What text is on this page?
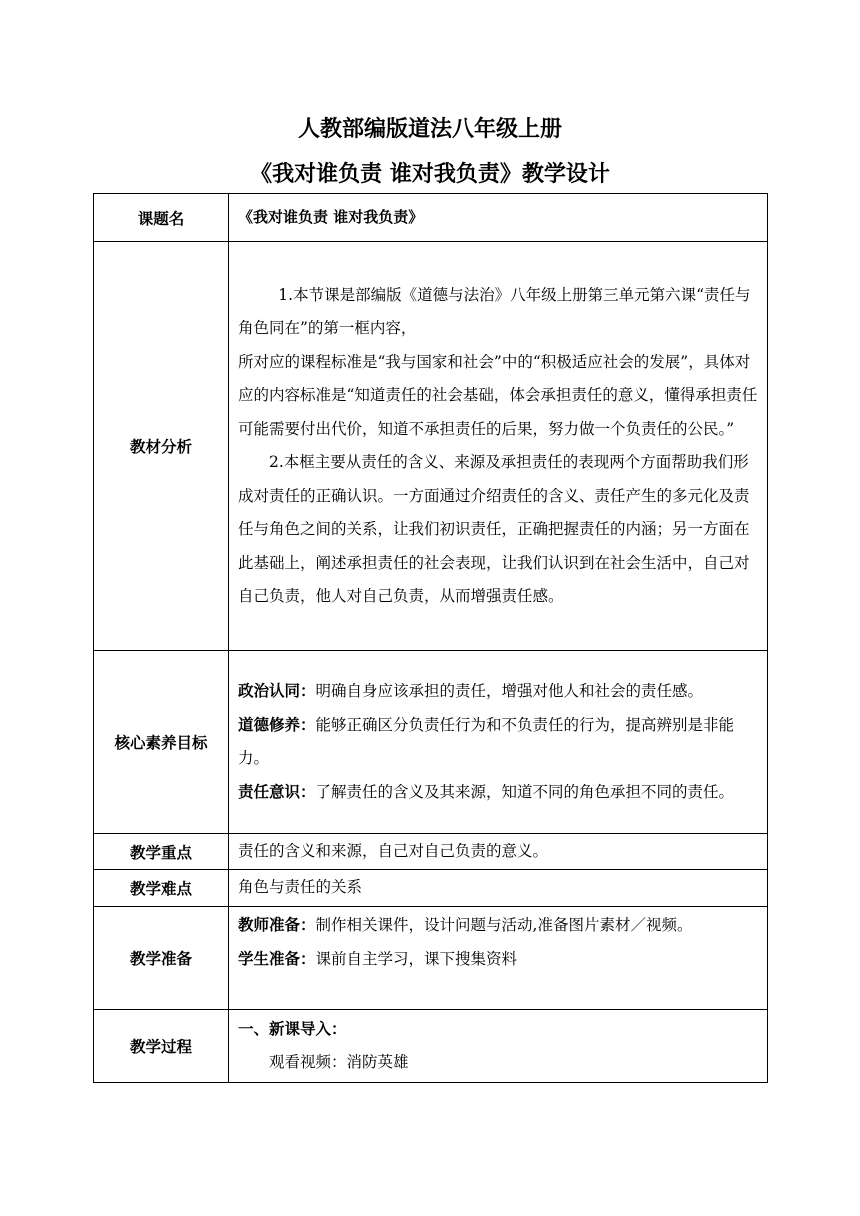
人教部编版道法八年级上册
《我对谁负责 谁对我负责》教学设计
课题名	《我对谁负责 谁对我负责》
教材分析	1.本节课是部编版《道德与法治》八年级上册第三单元第六课“责任与角色同在”的第一框内容，

所对应的课程标准是“我与国家和社会”中的“积极适应社会的发展”，具体对应的内容标准是“知道责任的社会基础，体会承担责任的意义，懂得承担责任可能需要付出代价，知道不承担责任的后果，努力做一个负责任的公民。”

2.本框主要从责任的含义、来源及承担责任的表现两个方面帮助我们形成对责任的正确认识。一方面通过介绍责任的含义、责任产生的多元化及责任与角色之间的关系，让我们初识责任，正确把握责任的内涵；另一方面在此基础上，阐述承担责任的社会表现，让我们认识到在社会生活中，自己对自己负责，他人对自己负责，从而增强责任感。

核心素养目标	政治认同：明确自身应该承担的责任，增强对他人和社会的责任感。

道德修养：能够正确区分负责任行为和不负责任的行为，提高辨别是非能力。

责任意识：了解责任的含义及其来源，知道不同的角色承担不同的责任。

教学重点	责任的含义和来源，自己对自己负责的意义。
教学难点	角色与责任的关系
教学准备	教师准备：制作相关课件，设计问题与活动,准备图片素材／视频。

学生准备：课前自主学习，课下搜集资料

教学过程	一、新课导入：

观看视频：消防英雄
